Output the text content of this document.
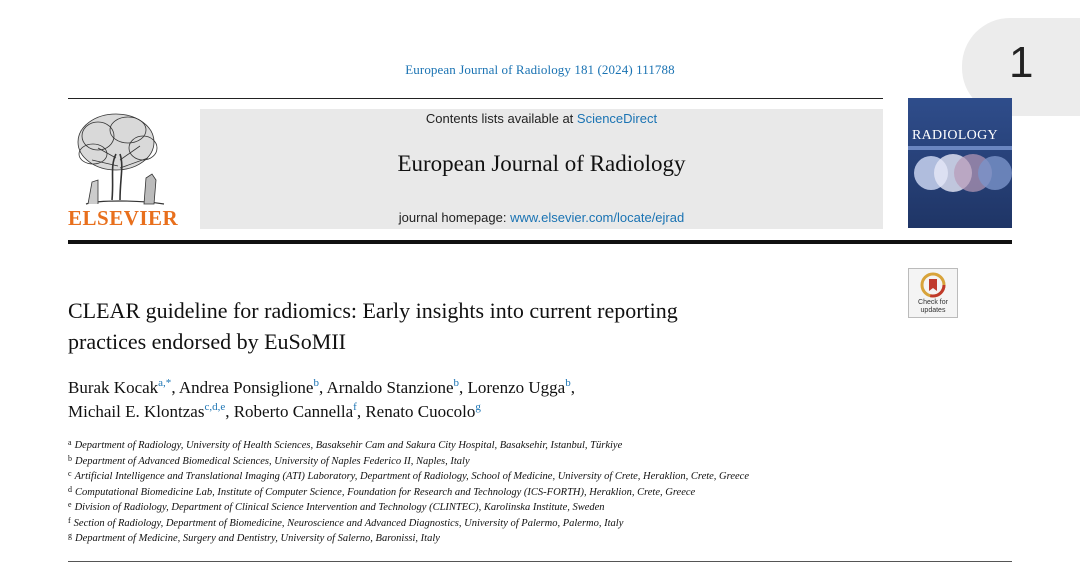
1
European Journal of Radiology 181 (2024) 111788
ELSEVIER
Contents lists available at ScienceDirect
European Journal of Radiology
journal homepage: www.elsevier.com/locate/ejrad
RADIOLOGY
Check for updates
CLEAR guideline for radiomics: Early insights into current reporting
practices endorsed by EuSoMII
Burak Kocak$^{a,*}$, Andrea Ponsiglione$^b$, Arnaldo Stanzione$^b$, Lorenzo Ugga$^b$,
Michail E. Klontzas$^{c,d,e}$, Roberto Cannella$^f$, Renato Cuocolo$^g$
$^a$ Department of Radiology, University of Health Sciences, Basaksehir Cam and Sakura City Hospital, Basaksehir, Istanbul, Türkiye
$^b$ Department of Advanced Biomedical Sciences, University of Naples Federico II, Naples, Italy
$^c$ Artificial Intelligence and Translational Imaging (ATI) Laboratory, Department of Radiology, School of Medicine, University of Crete, Heraklion, Crete, Greece
$^d$ Computational Biomedicine Lab, Institute of Computer Science, Foundation for Research and Technology (ICS-FORTH), Heraklion, Crete, Greece
$^e$ Division of Radiology, Department of Clinical Science Intervention and Technology (CLINTEC), Karolinska Institute, Sweden
$^f$ Section of Radiology, Department of Biomedicine, Neuroscience and Advanced Diagnostics, University of Palermo, Palermo, Italy
$^g$ Department of Medicine, Surgery and Dentistry, University of Salerno, Baronissi, Italy
